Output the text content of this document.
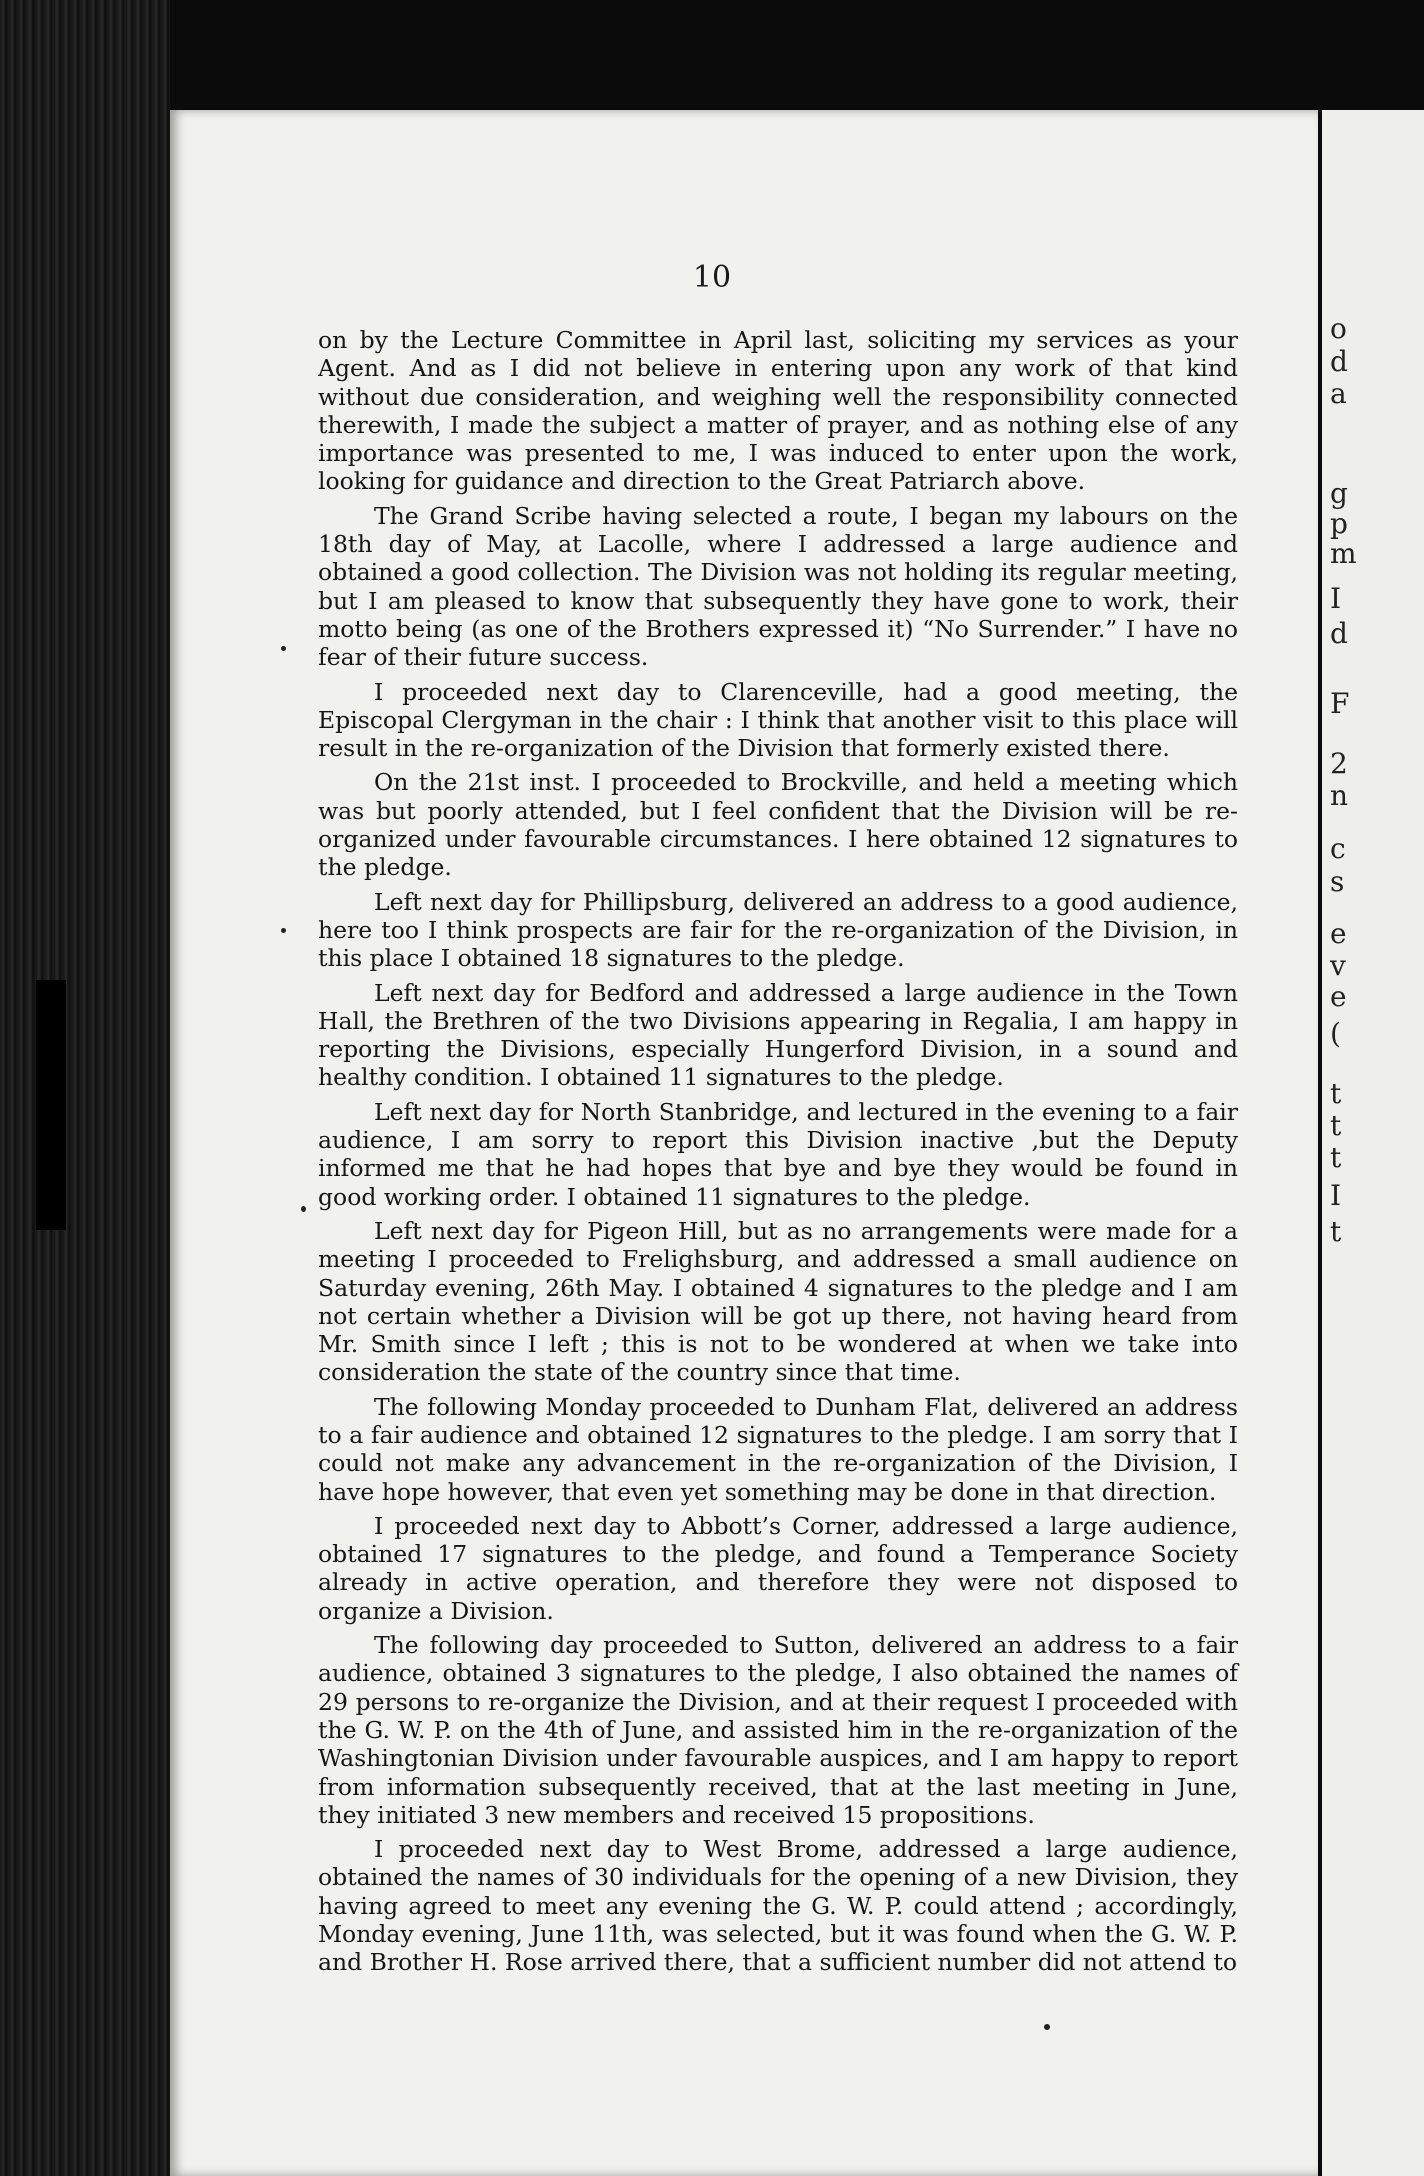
o
d
a
g
p
m
I
d
F
2
n
c
s
e
v
e
(
t
t
t
I
t
10

on by the Lecture Committee in April last, soliciting my services as your Agent. And as I did not believe in entering upon any work of that kind without due consideration, and weighing well the responsibility connected therewith, I made the subject a matter of prayer, and as nothing else of any importance was presented to me, I was induced to enter upon the work, looking for guidance and direction to the Great Patriarch above.

The Grand Scribe having selected a route, I began my labours on the 18th day of May, at Lacolle, where I addressed a large audience and obtained a good collection. The Division was not holding its regular meeting, but I am pleased to know that subsequently they have gone to work, their motto being (as one of the Brothers expressed it) “No Surrender.” I have no fear of their future success.

I proceeded next day to Clarenceville, had a good meeting, the Episcopal Clergyman in the chair : I think that another visit to this place will result in the re-organization of the Division that formerly existed there.

On the 21st inst. I proceeded to Brockville, and held a meeting which was but poorly attended, but I feel confident that the Division will be re-organized under favourable circumstances. I here obtained 12 signatures to the pledge.

Left next day for Phillipsburg, delivered an address to a good audience, here too I think prospects are fair for the re-organization of the Division, in this place I obtained 18 signatures to the pledge.

Left next day for Bedford and addressed a large audience in the Town Hall, the Brethren of the two Divisions appearing in Regalia, I am happy in reporting the Divisions, especially Hungerford Division, in a sound and healthy condition. I obtained 11 signatures to the pledge.

Left next day for North Stanbridge, and lectured in the evening to a fair audience, I am sorry to report this Division inactive ,but the Deputy informed me that he had hopes that bye and bye they would be found in good working order. I obtained 11 signatures to the pledge.

Left next day for Pigeon Hill, but as no arrangements were made for a meeting I proceeded to Frelighsburg, and addressed a small audience on Saturday evening, 26th May. I obtained 4 signatures to the pledge and I am not certain whether a Division will be got up there, not having heard from Mr. Smith since I left ; this is not to be wondered at when we take into consideration the state of the country since that time.

The following Monday proceeded to Dunham Flat, delivered an address to a fair audience and obtained 12 signatures to the pledge. I am sorry that I could not make any advancement in the re-organization of the Division, I have hope however, that even yet something may be done in that direction.

I proceeded next day to Abbott’s Corner, addressed a large audience, obtained 17 signatures to the pledge, and found a Temperance Society already in active operation, and therefore they were not disposed to organize a Division.

The following day proceeded to Sutton, delivered an address to a fair audience, obtained 3 signatures to the pledge, I also obtained the names of 29 persons to re-organize the Division, and at their request I proceeded with the G. W. P. on the 4th of June, and assisted him in the re-organization of the Washingtonian Division under favourable auspices, and I am happy to report from information subsequently received, that at the last meeting in June, they initiated 3 new members and received 15 propositions.

I proceeded next day to West Brome, addressed a large audience, obtained the names of 30 individuals for the opening of a new Division, they having agreed to meet any evening the G. W. P. could attend ; accordingly, Monday evening, June 11th, was selected, but it was found when the G. W. P. and Brother H. Rose arrived there, that a sufficient number did not attend to
